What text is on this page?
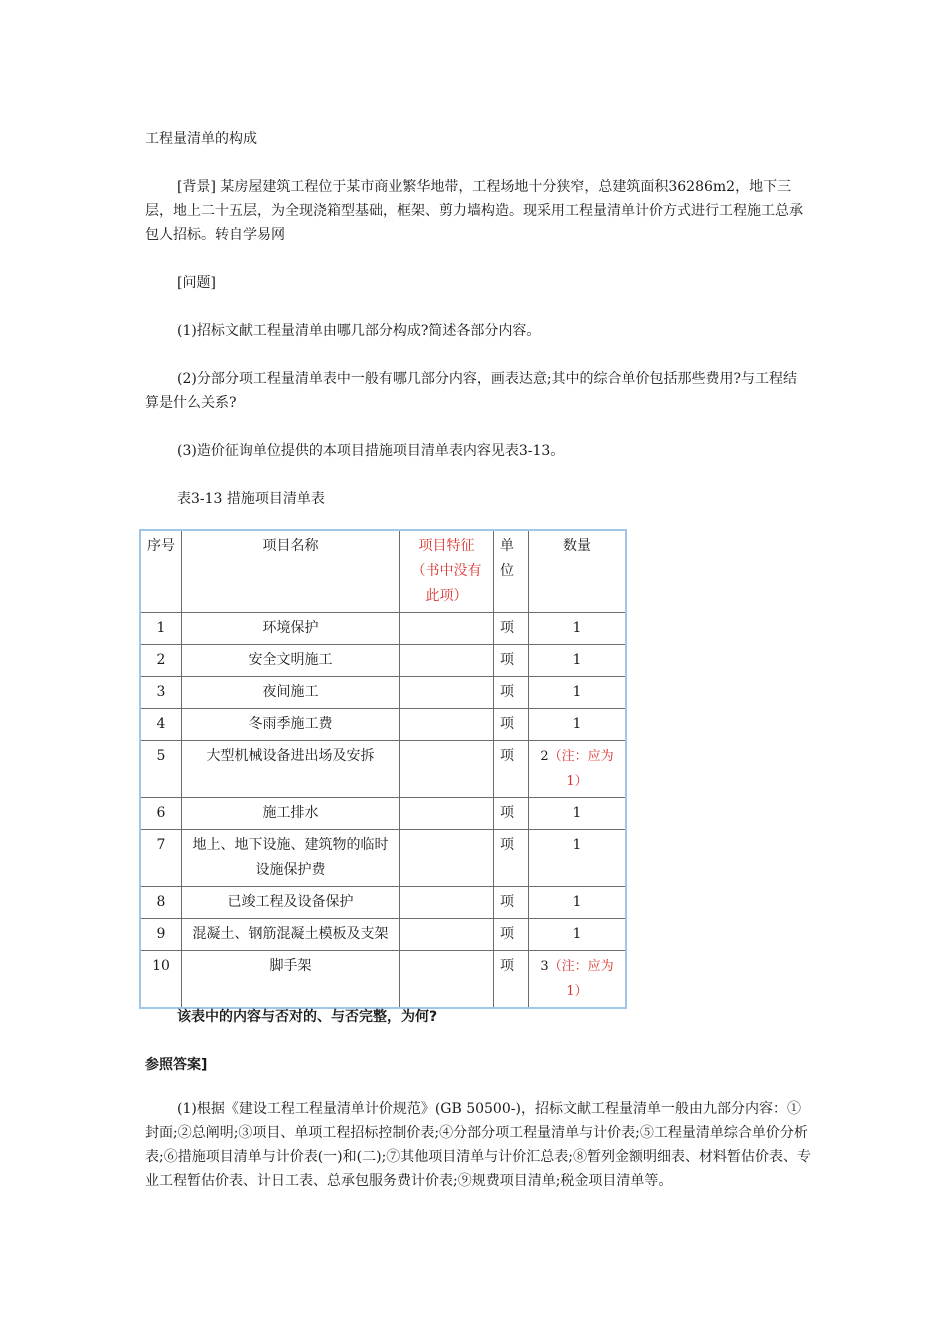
工程量清单的构成

[背景] 某房屋建筑工程位于某市商业繁华地带，工程场地十分狭窄，总建筑面积36286m2，地下三层，地上二十五层，为全现浇箱型基础，框架、剪力墙构造。现采用工程量清单计价方式进行工程施工总承包人招标。转自学易网

[问题]

(1)招标文献工程量清单由哪几部分构成?简述各部分内容。

(2)分部分项工程量清单表中一般有哪几部分内容，画表达意;其中的综合单价包括那些费用?与工程结算是什么关系?

(3)造价征询单位提供的本项目措施项目清单表内容见表3-13。

表3-13 措施项目清单表

序号	项目名称	项目特征（书中没有此项）	单位	数量
1	环境保护		项	1
2	安全文明施工		项	1
3	夜间施工		项	1
4	冬雨季施工费		项	1
5	大型机械设备进出场及安拆		项	2（注：应为1）
6	施工排水		项	1
7	地上、地下设施、建筑物的临时设施保护费		项	1
8	已竣工程及设备保护		项	1
9	混凝土、钢筋混凝土模板及支架		项	1
10	脚手架		项	3（注：应为1）

该表中的内容与否对的、与否完整，为何?

参照答案]

(1)根据《建设工程工程量清单计价规范》(GB 50500-)，招标文献工程量清单一般由九部分内容：①封面;②总阐明;③项目、单项工程招标控制价表;④分部分项工程量清单与计价表;⑤工程量清单综合单价分析表;⑥措施项目清单与计价表(一)和(二);⑦其他项目清单与计价汇总表;⑧暂列金额明细表、材料暂估价表、专业工程暂估价表、计日工表、总承包服务费计价表;⑨规费项目清单;税金项目清单等。
